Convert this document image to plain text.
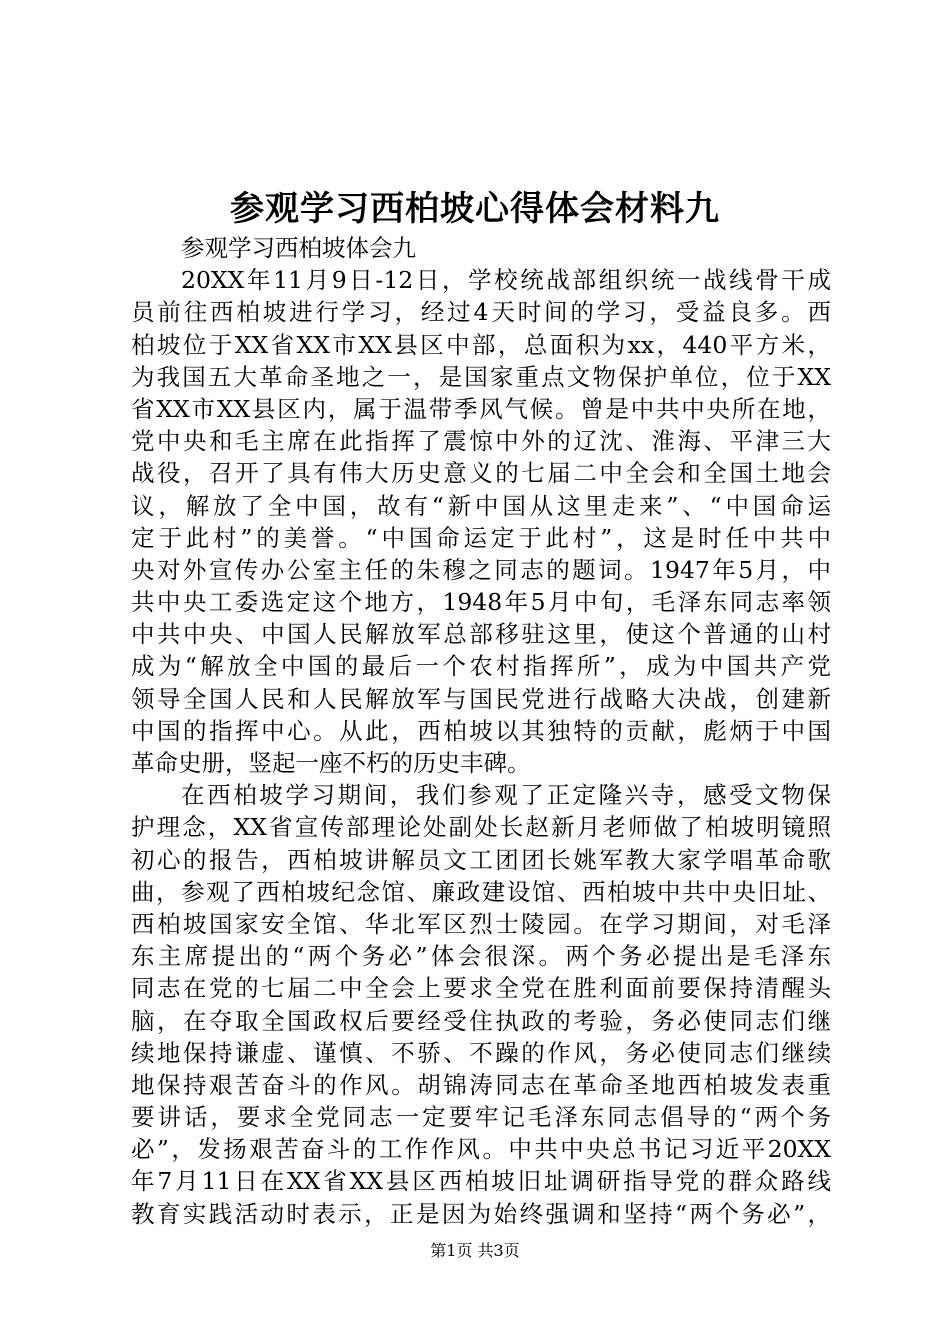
参观学习西柏坡心得体会材料九
参观学习西柏坡体会九
20XX年11月9日-12日，学校统战部组织统一战线骨干成
员前往西柏坡进行学习，经过4天时间的学习，受益良多。西
柏坡位于XX省XX市XX县区中部，总面积为xx，440平方米，
为我国五大革命圣地之一，是国家重点文物保护单位，位于XX
省XX市XX县区内，属于温带季风气候。曾是中共中央所在地，
党中央和毛主席在此指挥了震惊中外的辽沈、淮海、平津三大
战役，召开了具有伟大历史意义的七届二中全会和全国土地会
议，解放了全中国，故有“新中国从这里走来”、“中国命运
定于此村”的美誉。“中国命运定于此村”，这是时任中共中
央对外宣传办公室主任的朱穆之同志的题词。1947年5月，中
共中央工委选定这个地方，1948年5月中旬，毛泽东同志率领
中共中央、中国人民解放军总部移驻这里，使这个普通的山村
成为“解放全中国的最后一个农村指挥所”，成为中国共产党
领导全国人民和人民解放军与国民党进行战略大决战，创建新
中国的指挥中心。从此，西柏坡以其独特的贡献，彪炳于中国
革命史册，竖起一座不朽的历史丰碑。
在西柏坡学习期间，我们参观了正定隆兴寺，感受文物保
护理念，XX省宣传部理论处副处长赵新月老师做了柏坡明镜照
初心的报告，西柏坡讲解员文工团团长姚军教大家学唱革命歌
曲，参观了西柏坡纪念馆、廉政建设馆、西柏坡中共中央旧址、
西柏坡国家安全馆、华北军区烈士陵园。在学习期间，对毛泽
东主席提出的“两个务必”体会很深。两个务必提出是毛泽东
同志在党的七届二中全会上要求全党在胜利面前要保持清醒头
脑，在夺取全国政权后要经受住执政的考验，务必使同志们继
续地保持谦虚、谨慎、不骄、不躁的作风，务必使同志们继续
地保持艰苦奋斗的作风。胡锦涛同志在革命圣地西柏坡发表重
要讲话，要求全党同志一定要牢记毛泽东同志倡导的“两个务
必”，发扬艰苦奋斗的工作作风。中共中央总书记习近平20XX
年7月11日在XX省XX县区西柏坡旧址调研指导党的群众路线
教育实践活动时表示，正是因为始终强调和坚持“两个务必”，
第1页 共3页
